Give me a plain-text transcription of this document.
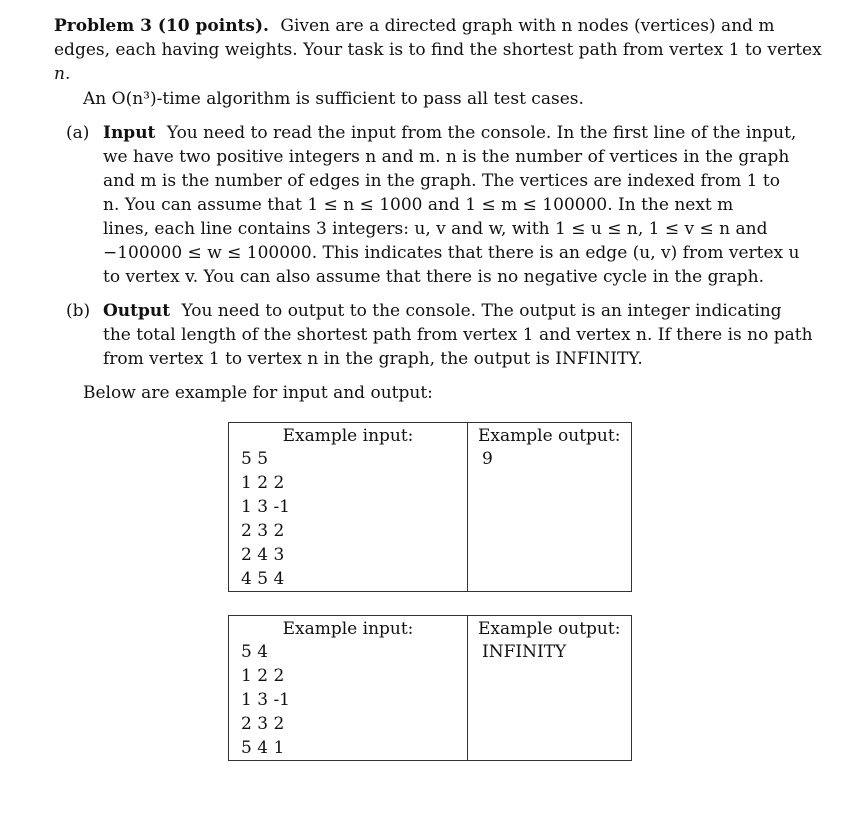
Problem 3 (10 points). Given are a directed graph with n nodes (vertices) and m
edges, each having weights. Your task is to find the shortest path from vertex 1 to vertex
n.
An O(n³)-time algorithm is sufficient to pass all test cases.
(a) Input You need to read the input from the console. In the first line of the input,
we have two positive integers n and m. n is the number of vertices in the graph
and m is the number of edges in the graph. The vertices are indexed from 1 to
n. You can assume that 1 ≤ n ≤ 1000 and 1 ≤ m ≤ 100000. In the next m
lines, each line contains 3 integers: u, v and w, with 1 ≤ u ≤ n, 1 ≤ v ≤ n and
−100000 ≤ w ≤ 100000. This indicates that there is an edge (u, v) from vertex u
to vertex v. You can also assume that there is no negative cycle in the graph.
(b) Output You need to output to the console. The output is an integer indicating
the total length of the shortest path from vertex 1 and vertex n. If there is no path
from vertex 1 to vertex n in the graph, the output is INFINITY.
Below are example for input and output:
Example input:
5 5
1 2 2
1 3 -1
2 3 2
2 4 3
4 5 4

Example output:
9
Example input:
5 4
1 2 2
1 3 -1
2 3 2
5 4 1

Example output:
INFINITY
